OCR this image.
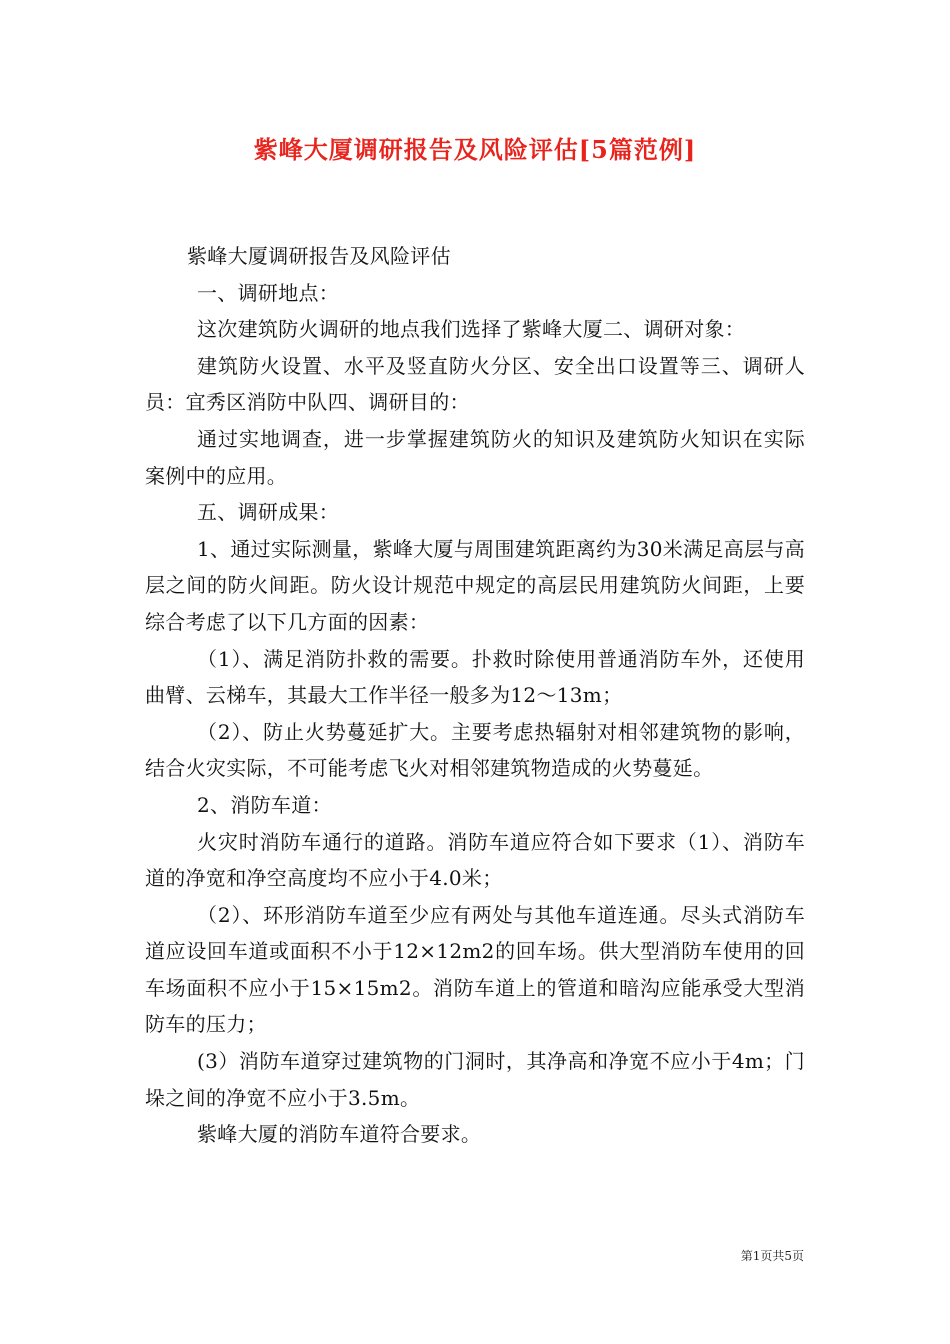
紫峰大厦调研报告及风险评估[5篇范例]

紫峰大厦调研报告及风险评估

一、调研地点：

这次建筑防火调研的地点我们选择了紫峰大厦二、调研对象：

建筑防火设置、水平及竖直防火分区、安全出口设置等三、调研人员：宜秀区消防中队四、调研目的：

通过实地调查，进一步掌握建筑防火的知识及建筑防火知识在实际案例中的应用。

五、调研成果：

1、通过实际测量，紫峰大厦与周围建筑距离约为30米满足高层与高层之间的防火间距。防火设计规范中规定的高层民用建筑防火间距，上要综合考虑了以下几方面的因素：

（1）、满足消防扑救的需要。扑救时除使用普通消防车外，还使用曲臂、云梯车，其最大工作半径一般多为12～13m；

（2）、防止火势蔓延扩大。主要考虑热辐射对相邻建筑物的影响，结合火灾实际，不可能考虑飞火对相邻建筑物造成的火势蔓延。

2、消防车道：

火灾时消防车通行的道路。消防车道应符合如下要求（1）、消防车道的净宽和净空高度均不应小于4.0米；

（2）、环形消防车道至少应有两处与其他车道连通。尽头式消防车道应设回车道或面积不小于12×12m2的回车场。供大型消防车使用的回车场面积不应小于15×15m2。消防车道上的管道和暗沟应能承受大型消防车的压力；

(3）消防车道穿过建筑物的门洞时，其净高和净宽不应小于4m；门垛之间的净宽不应小于3.5m。

紫峰大厦的消防车道符合要求。

第1页共5页
